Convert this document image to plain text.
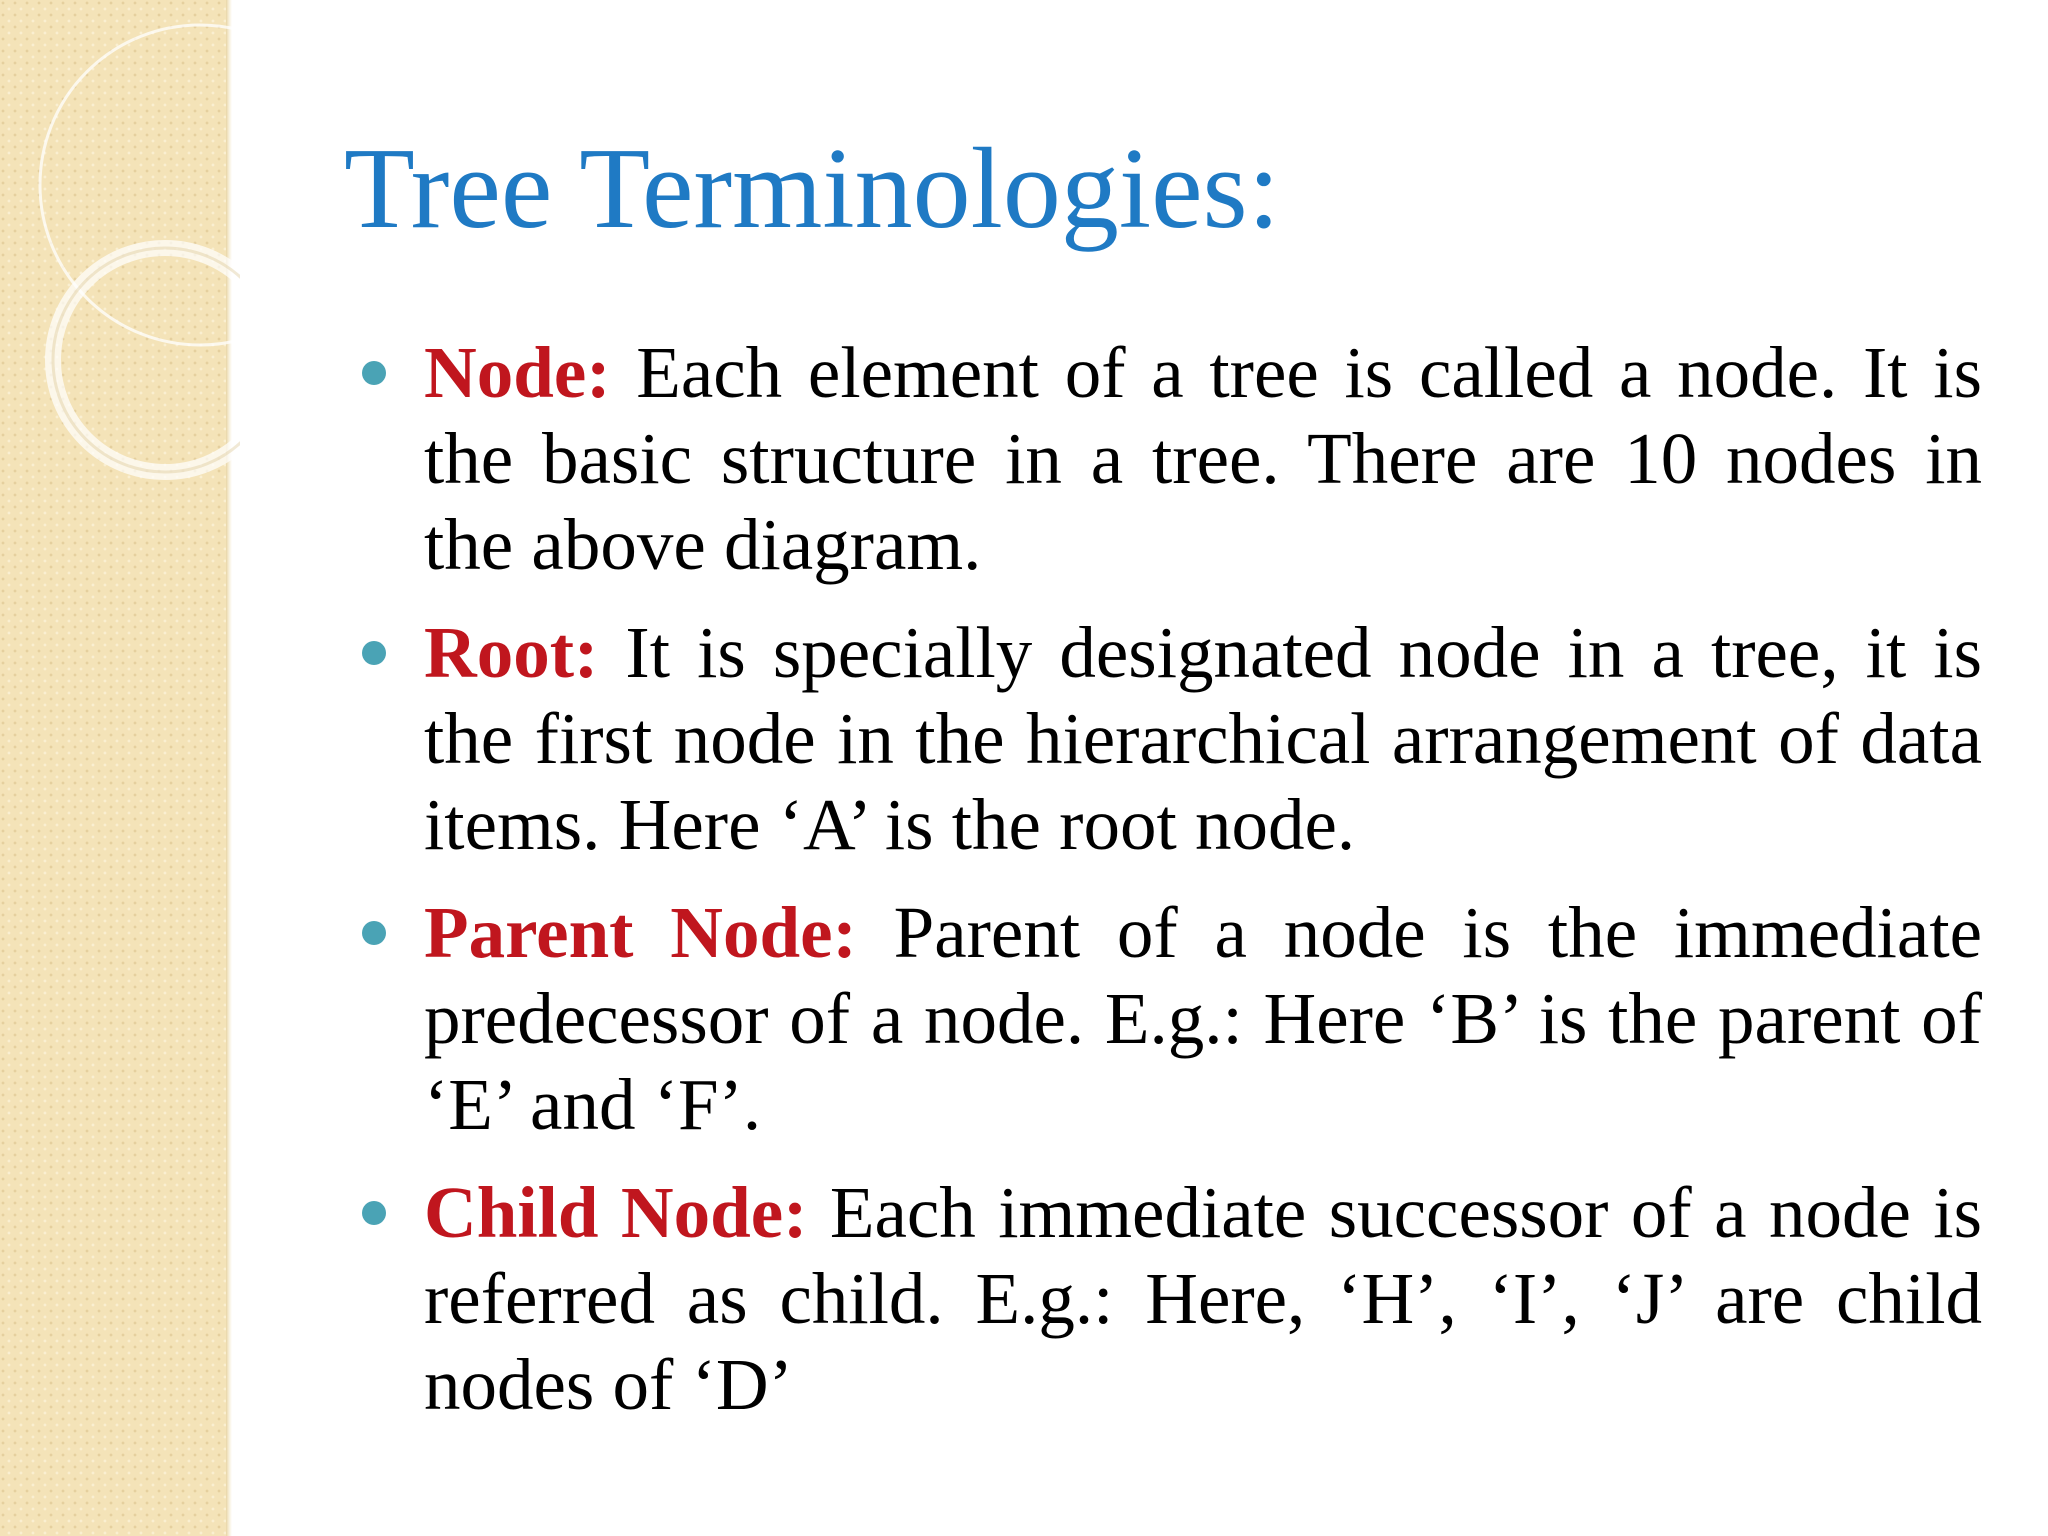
Tree Terminologies:
Node: Each element of a tree is called a node. It is the basic structure in a tree. There are 10 nodes in the above diagram.
Root: It is specially designated node in a tree, it is the first node in the hierarchical arrangement of data items. Here ‘A’ is the root node.
Parent Node: Parent of a node is the immediate predecessor of a node. E.g.: Here ‘B’ is the parent of ‘E’ and ‘F’.
Child Node: Each immediate successor of a node is referred as child. E.g.: Here, ‘H’, ‘I’, ‘J’ are child nodes of ‘D’
